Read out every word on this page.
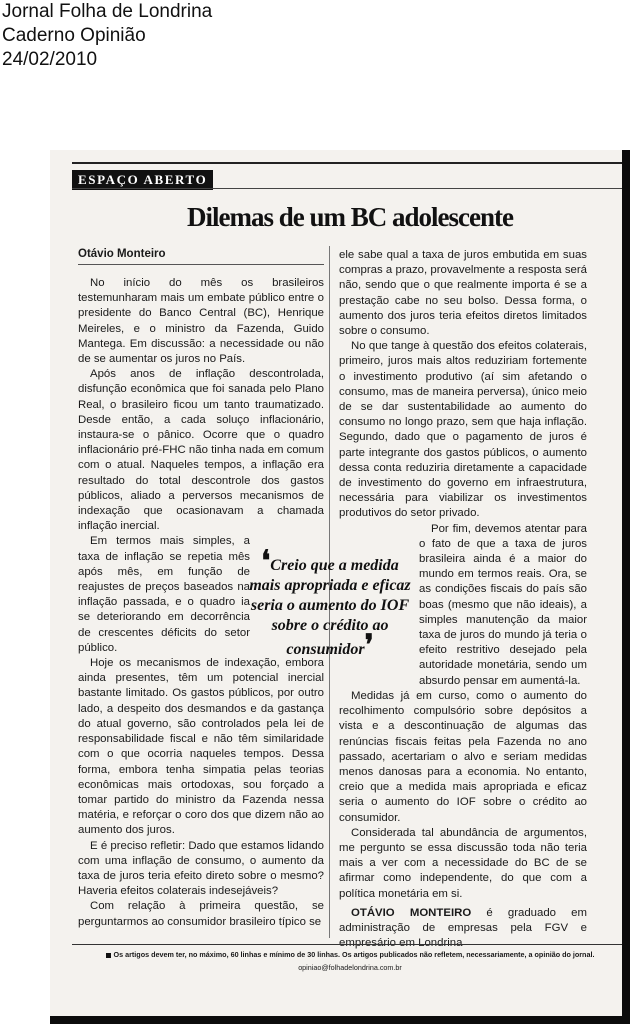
Jornal Folha de Londrina
Caderno Opinião
24/02/2010
ESPAÇO ABERTO
Dilemas de um BC adolescente
Otávio Monteiro

No início do mês os brasileiros testemunharam mais um embate público entre o presidente do Banco Central (BC), Henrique Meireles, e o ministro da Fazenda, Guido Mantega. Em discussão: a necessidade ou não de se aumentar os juros no País.

Após anos de inflação descontrolada, disfunção econômica que foi sanada pelo Plano Real, o brasileiro ficou um tanto traumatizado. Desde então, a cada soluço inflacionário, instaura-se o pânico. Ocorre que o quadro inflacionário pré-FHC não tinha nada em comum com o atual. Naqueles tempos, a inflação era resultado do total descontrole dos gastos públicos, aliado a perversos mecanismos de indexação que ocasionavam a chamada inflação inercial.

Em termos mais simples, a taxa de inflação se repetia mês após mês, em função de reajustes de preços baseados na inflação passada, e o quadro ia se deteriorando em decorrência de crescentes déficits do setor público.

Hoje os mecanismos de indexação, embora ainda presentes, têm um potencial inercial bastante limitado. Os gastos públicos, por outro lado, a despeito dos desmandos e da gastança do atual governo, são controlados pela lei de responsabilidade fiscal e não têm similaridade com o que ocorria naqueles tempos. Dessa forma, embora tenha simpatia pelas teorias econômicas mais ortodoxas, sou forçado a tomar partido do ministro da Fazenda nessa matéria, e reforçar o coro dos que dizem não ao aumento dos juros.

E é preciso refletir: Dado que estamos lidando com uma inflação de consumo, o aumento da taxa de juros teria efeito direto sobre o mesmo? Haveria efeitos colaterais indesejáveis?

Com relação à primeira questão, se perguntarmos ao consumidor brasileiro típico se

❛Creio que a medida mais apropriada e eficaz seria o aumento do IOF sobre o crédito ao consumidor❜

ele sabe qual a taxa de juros embutida em suas compras a prazo, provavelmente a resposta será não, sendo que o que realmente importa é se a prestação cabe no seu bolso. Dessa forma, o aumento dos juros teria efeitos diretos limitados sobre o consumo.

No que tange à questão dos efeitos colaterais, primeiro, juros mais altos reduziriam fortemente o investimento produtivo (aí sim afetando o consumo, mas de maneira perversa), único meio de se dar sustentabilidade ao aumento do consumo no longo prazo, sem que haja inflação. Segundo, dado que o pagamento de juros é parte integrante dos gastos públicos, o aumento dessa conta reduziria diretamente a capacidade de investimento do governo em infraestrutura, necessária para viabilizar os investimentos produtivos do setor privado.

Por fim, devemos atentar para o fato de que a taxa de juros brasileira ainda é a maior do mundo em termos reais. Ora, se as condições fiscais do país são boas (mesmo que não ideais), a simples manutenção da maior taxa de juros do mundo já teria o efeito restritivo desejado pela autoridade monetária, sendo um absurdo pensar em aumentá-la.

Medidas já em curso, como o aumento do recolhimento compulsório sobre depósitos a vista e a descontinuação de algumas das renúncias fiscais feitas pela Fazenda no ano passado, acertariam o alvo e seriam medidas menos danosas para a economia. No entanto, creio que a medida mais apropriada e eficaz seria o aumento do IOF sobre o crédito ao consumidor.

Considerada tal abundância de argumentos, me pergunto se essa discussão toda não teria mais a ver com a necessidade do BC de se afirmar como independente, do que com a política monetária em si.

OTÁVIO MONTEIRO é graduado em administração de empresas pela FGV e empresário em Londrina

Os artigos devem ter, no máximo, 60 linhas e mínimo de 30 linhas. Os artigos publicados não refletem, necessariamente, a opinião do jornal.
opiniao@folhadelondrina.com.br
